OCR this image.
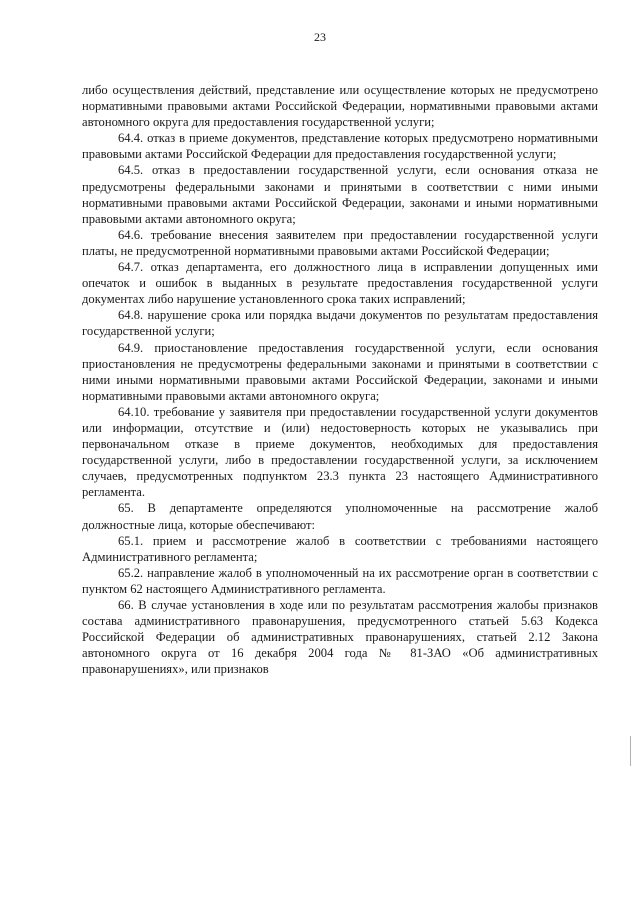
23

либо осуществления действий, представление или осуществление которых не предусмотрено нормативными правовыми актами Российской Федерации, нормативными правовыми актами автономного округа для предоставления государственной услуги;

64.4. отказ в приеме документов, представление которых предусмотрено нормативными правовыми актами Российской Федерации для предоставления государственной услуги;

64.5. отказ в предоставлении государственной услуги, если основания отказа не предусмотрены федеральными законами и принятыми в соответствии с ними иными нормативными правовыми актами Российской Федерации, законами и иными нормативными правовыми актами автономного округа;

64.6. требование внесения заявителем при предоставлении государственной услуги платы, не предусмотренной нормативными правовыми актами Российской Федерации;

64.7. отказ департамента, его должностного лица в исправлении допущенных ими опечаток и ошибок в выданных в результате предоставления государственной услуги документах либо нарушение установленного срока таких исправлений;

64.8. нарушение срока или порядка выдачи документов по результатам предоставления государственной услуги;

64.9. приостановление предоставления государственной услуги, если основания приостановления не предусмотрены федеральными законами и принятыми в соответствии с ними иными нормативными правовыми актами Российской Федерации, законами и иными нормативными правовыми актами автономного округа;

64.10. требование у заявителя при предоставлении государственной услуги документов или информации, отсутствие и (или) недостоверность которых не указывались при первоначальном отказе в приеме документов, необходимых для предоставления государственной услуги, либо в предоставлении государственной услуги, за исключением случаев, предусмотренных подпунктом 23.3 пункта 23 настоящего Административного регламента.

65. В департаменте определяются уполномоченные на рассмотрение жалоб должностные лица, которые обеспечивают:

65.1. прием и рассмотрение жалоб в соответствии с требованиями настоящего Административного регламента;

65.2. направление жалоб в уполномоченный на их рассмотрение орган в соответствии с пунктом 62 настоящего Административного регламента.

66. В случае установления в ходе или по результатам рассмотрения жалобы признаков состава административного правонарушения, предусмотренного статьей 5.63 Кодекса Российской Федерации об административных правонарушениях, статьей 2.12 Закона автономного округа от 16 декабря 2004 года № 81-ЗАО «Об административных правонарушениях», или признаков
